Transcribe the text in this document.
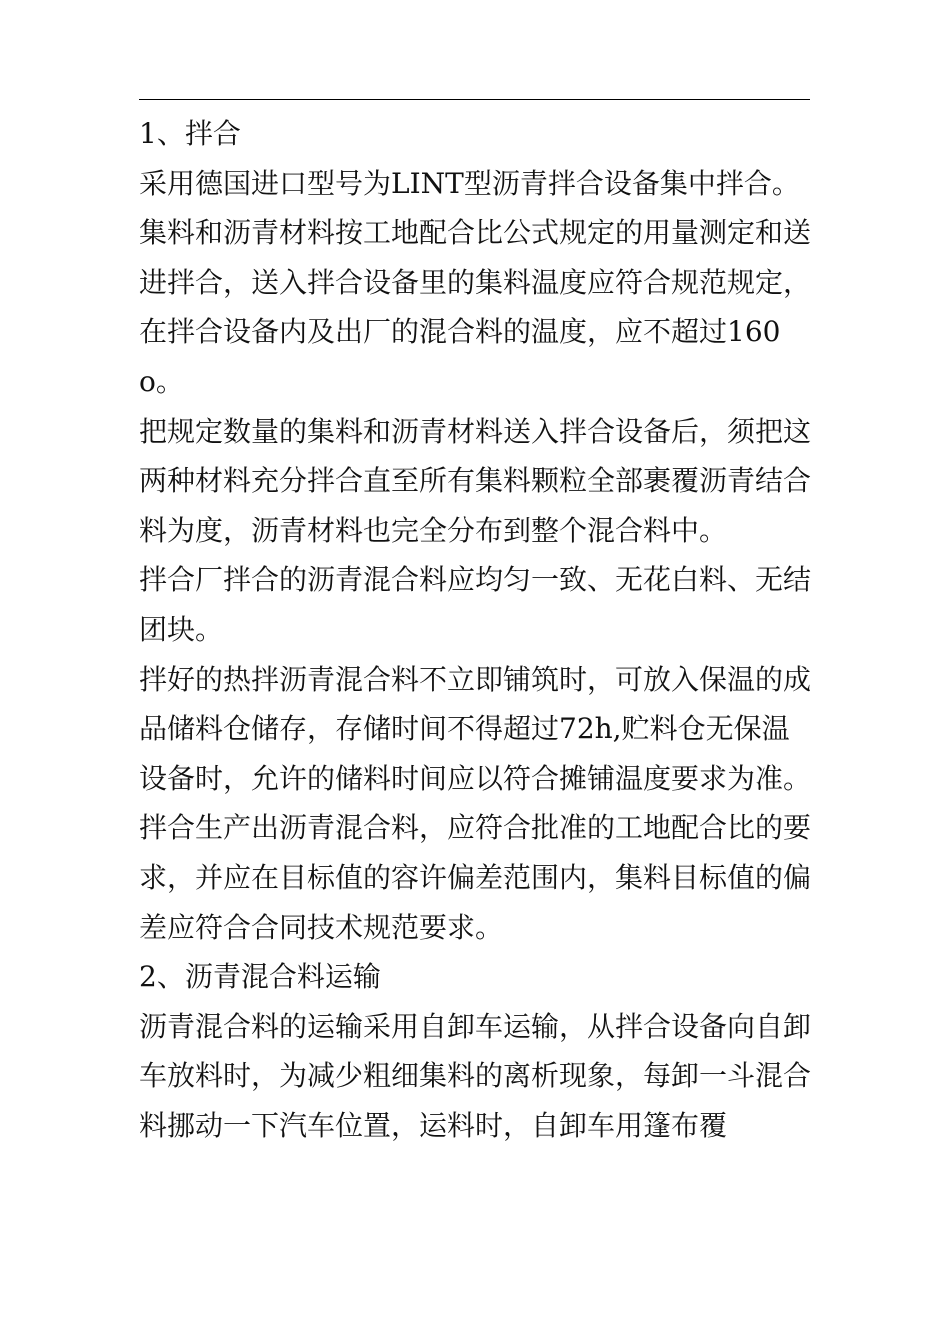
1、拌合

采用德国进口型号为LINT型沥青拌合设备集中拌合。

集料和沥青材料按工地配合比公式规定的用量测定和送进拌合，送入拌合设备里的集料温度应符合规范规定，在拌合设备内及出厂的混合料的温度，应不超过160o。

把规定数量的集料和沥青材料送入拌合设备后，须把这两种材料充分拌合直至所有集料颗粒全部裹覆沥青结合料为度，沥青材料也完全分布到整个混合料中。

拌合厂拌合的沥青混合料应均匀一致、无花白料、无结团块。

拌好的热拌沥青混合料不立即铺筑时，可放入保温的成品储料仓储存，存储时间不得超过72h,贮料仓无保温设备时，允许的储料时间应以符合摊铺温度要求为准。

拌合生产出沥青混合料，应符合批准的工地配合比的要求，并应在目标值的容许偏差范围内，集料目标值的偏差应符合合同技术规范要求。

2、沥青混合料运输

沥青混合料的运输采用自卸车运输，从拌合设备向自卸车放料时，为减少粗细集料的离析现象，每卸一斗混合料挪动一下汽车位置，运料时，自卸车用篷布覆
